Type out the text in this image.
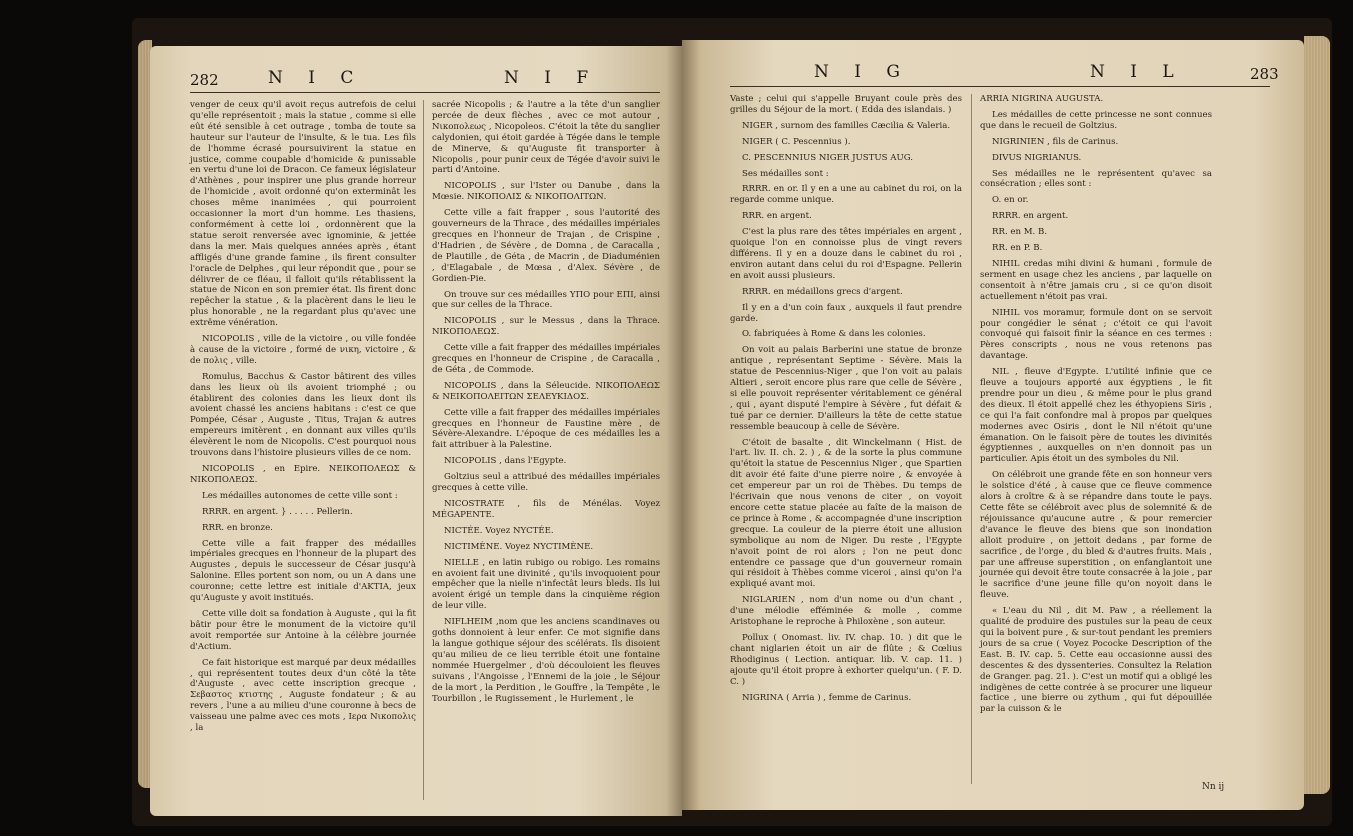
282	N I C	N I F

venger de ceux qu'il avoit reçus autrefois de celui qu'elle représentoit ; mais la statue , comme si elle eût été sensible à cet outrage , tomba de toute sa hauteur sur l'auteur de l'insulte, & le tua. Les fils de l'homme écrasé poursuivirent la statue en justice, comme coupable d'homicide & punissable en vertu d'une loi de Dracon. Ce fameux législateur d'Athènes , pour inspirer une plus grande horreur de l'homicide , avoit ordonné qu'on exterminât les choses même inanimées , qui pourroient occasionner la mort d'un homme. Les thasiens, conformément à cette loi , ordonnèrent que la statue seroit renversée avec ignominie, & jettée dans la mer. Mais quelques années après , étant affligés d'une grande famine , ils firent consulter l'oracle de Delphes , qui leur répondit que , pour se délivrer de ce fléau, il falloit qu'ils rétablissent la statue de Nicon en son premier état. Ils firent donc repêcher la statue , & la placèrent dans le lieu le plus honorable , ne la regardant plus qu'avec une extrême vénération.

NICOPOLIS , ville de la victoire , ou ville fondée à cause de la victoire , formé de νικη, victoire , & de πολις , ville.

Romulus, Bacchus & Castor bâtirent des villes dans les lieux où ils avoient triomphé ; ou établirent des colonies dans les lieux dont ils avoient chassé les anciens habitans : c'est ce que Pompée, César , Auguste , Titus, Trajan & autres empereurs imitèrent , en donnant aux villes qu'ils élevèrent le nom de Nicopolis. C'est pourquoi nous trouvons dans l'histoire plusieurs villes de ce nom.

NICOPOLIS , en Epire. ΝΕΙΚΟΠΟΛΕΩΣ & ΝΙΚΟΠΟΛΕΩΣ.

Les médailles autonomes de cette ville sont :

RRRR. en argent. } . . . . . Pellerin.

RRR. en bronze.

Cette ville a fait frapper des médailles impériales grecques en l'honneur de la plupart des Augustes , depuis le successeur de César jusqu'à Salonine. Elles portent son nom, ou un A dans une couronne; cette lettre est initiale d'ΑΚΤΙΑ, jeux qu'Auguste y avoit institués.

Cette ville doit sa fondation à Auguste , qui la fit bâtir pour être le monument de la victoire qu'il avoit remportée sur Antoine à la célèbre journée d'Actium.

Ce fait historique est marqué par deux médailles , qui représentent toutes deux d'un côté la tête d'Auguste , avec cette inscription grecque , Σεβαστος κτιστης , Auguste fondateur ; & au revers , l'une a au milieu d'une couronne à becs de vaisseau une palme avec ces mots , Ιερα Νικοπολις , la

sacrée Nicopolis ; & l'autre a la tête d'un sanglier percée de deux flèches , avec ce mot autour , Νικοπολεως , Nicopoleos. C'étoit la tête du sanglier calydonien, qui étoit gardée à Tégée dans le temple de Minerve, & qu'Auguste fit transporter à Nicopolis , pour punir ceux de Tégée d'avoir suivi le parti d'Antoine.

NICOPOLIS , sur l'Ister ou Danube , dans la Mœsie. ΝΙΚΟΠΟΛΙΣ & ΝΙΚΟΠΟΛΙΤΩΝ.

Cette ville a fait frapper , sous l'autorité des gouverneurs de la Thrace , des médailles impériales grecques en l'honneur de Trajan , de Crispine , d'Hadrien , de Sévère , de Domna , de Caracalla , de Plautille , de Géta , de Macrin , de Diaduménien , d'Elagabale , de Mœsa , d'Alex. Sévère , de Gordien-Pie.

On trouve sur ces médailles ΥΠΟ pour ΕΠΙ, ainsi que sur celles de la Thrace.

NICOPOLIS , sur le Messus , dans la Thrace. ΝΙΚΟΠΟΛΕΩΣ.

Cette ville a fait frapper des médailles impériales grecques en l'honneur de Crispine , de Caracalla , de Géta , de Commode.

NICOPOLIS , dans la Séleucide. ΝΙΚΟΠΟΛΕΩΣ & ΝΕΙΚΟΠΟΛΕΙΤΩΝ ΣΕΛΕΥΚΙΔΟΣ.

Cette ville a fait frapper des médailles impériales grecques en l'honneur de Faustine mère , de Sévère-Alexandre. L'époque de ces médailles les a fait attribuer à la Palestine.

NICOPOLIS , dans l'Egypte.

Goltzius seul a attribué des médailles impériales grecques à cette ville.

NICOSTRATE , fils de Ménélas. Voyez MÉGAPENTE.

NICTÉE. Voyez NYCTÉE.

NICTIMÈNE. Voyez NYCTIMÈNE.

NIELLE , en latin rubigo ou robigo. Les romains en avoient fait une divinité , qu'ils invoquoient pour empêcher que la nielle n'infectât leurs bleds. Ils lui avoient érigé un temple dans la cinquième région de leur ville.

NIFLHEIM ,nom que les anciens scandinaves ou goths donnoient à leur enfer. Ce mot signifie dans la langue gothique séjour des scélérats. Ils disoient qu'au milieu de ce lieu terrible étoit une fontaine nommée Huergelmer , d'où découloient les fleuves suivans , l'Angoisse , l'Ennemi de la joie , le Séjour de la mort , la Perdition , le Gouffre , la Tempête , le Tourbillon , le Rugissement , le Hurlement , le

N I G	N I L	283

Vaste ; celui qui s'appelle Bruyant coule près des grilles du Séjour de la mort. ( Edda des islandais. )

NIGER , surnom des familles Cæcilia & Valeria.

NIGER ( C. Pescennius ).

C. PESCENNIUS NIGER JUSTUS AUG.

Ses médailles sont :

RRRR. en or. Il y en a une au cabinet du roi, on la regarde comme unique.

RRR. en argent.

C'est la plus rare des têtes impériales en argent , quoique l'on en connoisse plus de vingt revers différens. Il y en a douze dans le cabinet du roi , environ autant dans celui du roi d'Espagne. Pellerin en avoit aussi plusieurs.

RRRR. en médaillons grecs d'argent.

Il y en a d'un coin faux , auxquels il faut prendre garde.

O. fabriquées à Rome & dans les colonies.

On voit au palais Barberini une statue de bronze antique , représentant Septime - Sévère. Mais la statue de Pescennius-Niger , que l'on voit au palais Altieri , seroit encore plus rare que celle de Sévère , si elle pouvoit représenter véritablement ce général , qui , ayant disputé l'empire à Sévère , fut défait & tué par ce dernier. D'ailleurs la tête de cette statue ressemble beaucoup à celle de Sévère.

C'étoit de basalte , dit Winckelmann ( Hist. de l'art. liv. II. ch. 2. ) , & de la sorte la plus commune qu'étoit la statue de Pescennius Niger , que Spartien dit avoir été faite d'une pierre noire , & envoyée à cet empereur par un roi de Thèbes. Du temps de l'écrivain que nous venons de citer , on voyoit encore cette statue placée au faîte de la maison de ce prince à Rome , & accompagnée d'une inscription grecque. La couleur de la pierre étoit une allusion symbolique au nom de Niger. Du reste , l'Egypte n'avoit point de roi alors ; l'on ne peut donc entendre ce passage que d'un gouverneur romain qui résidoit à Thèbes comme viceroi , ainsi qu'on l'a expliqué avant moi.

NIGLARIEN , nom d'un nome ou d'un chant , d'une mélodie efféminée & molle , comme Aristophane le reproche à Philoxène , son auteur.

Pollux ( Onomast. liv. IV. chap. 10. ) dit que le chant niglarien étoit un air de flûte ; & Cœlius Rhodiginus ( Lection. antiquar. lib. V. cap. 11. ) ajoute qu'il étoit propre à exhorter quelqu'un. ( F. D. C. )

NIGRINA ( Arria ) , femme de Carinus.

ARRIA NIGRINA AUGUSTA.

Les médailles de cette princesse ne sont connues que dans le recueil de Goltzius.

NIGRINIEN , fils de Carinus.

DIVUS NIGRIANUS.

Ses médailles ne le représentent qu'avec sa consécration ; elles sont :

O. en or.

RRRR. en argent.

RR. en M. B.

RR. en P. B.

NIHIL credas mihi divini & humani , formule de serment en usage chez les anciens , par laquelle on consentoit à n'être jamais cru , si ce qu'on disoit actuellement n'étoit pas vrai.

NIHIL vos moramur, formule dont on se servoit pour congédier le sénat ; c'étoit ce qui l'avoit convoqué qui faisoit finir la séance en ces termes : Pères conscripts , nous ne vous retenons pas davantage.

NIL , fleuve d'Egypte. L'utilité infinie que ce fleuve a toujours apporté aux égyptiens , le fit prendre pour un dieu , & même pour le plus grand des dieux. Il étoit appellé chez les éthyopiens Siris , ce qui l'a fait confondre mal à propos par quelques modernes avec Osiris , dont le Nil n'étoit qu'une émanation. On le faisoit père de toutes les divinités égyptiennes , auxquelles on n'en donnoit pas un particulier. Apis étoit un des symboles du Nil.

On célébroit une grande fête en son honneur vers le solstice d'été , à cause que ce fleuve commence alors à croître & à se répandre dans toute le pays. Cette fête se célébroit avec plus de solemnité & de réjouissance qu'aucune autre , & pour remercier d'avance le fleuve des biens que son inondation alloit produire , on jettoit dedans , par forme de sacrifice , de l'orge , du bled & d'autres fruits. Mais , par une affreuse superstition , on enfanglantoit une journée qui devoit être toute consacrée à la joie , par le sacrifice d'une jeune fille qu'on noyoit dans le fleuve.

« L'eau du Nil , dit M. Paw , a réellement la qualité de produire des pustules sur la peau de ceux qui la boivent pure , & sur-tout pendant les premiers jours de sa crue ( Voyez Pococke Description of the East. B. IV. cap. 5. Cette eau occasionne aussi des descentes & des dyssenteries. Consultez la Relation de Granger. pag. 21. ). C'est un motif qui a obligé les indigènes de cette contrée à se procurer une liqueur factice , une bierre ou zythum , qui fut dépouillée par la cuisson & le

Nn ij
